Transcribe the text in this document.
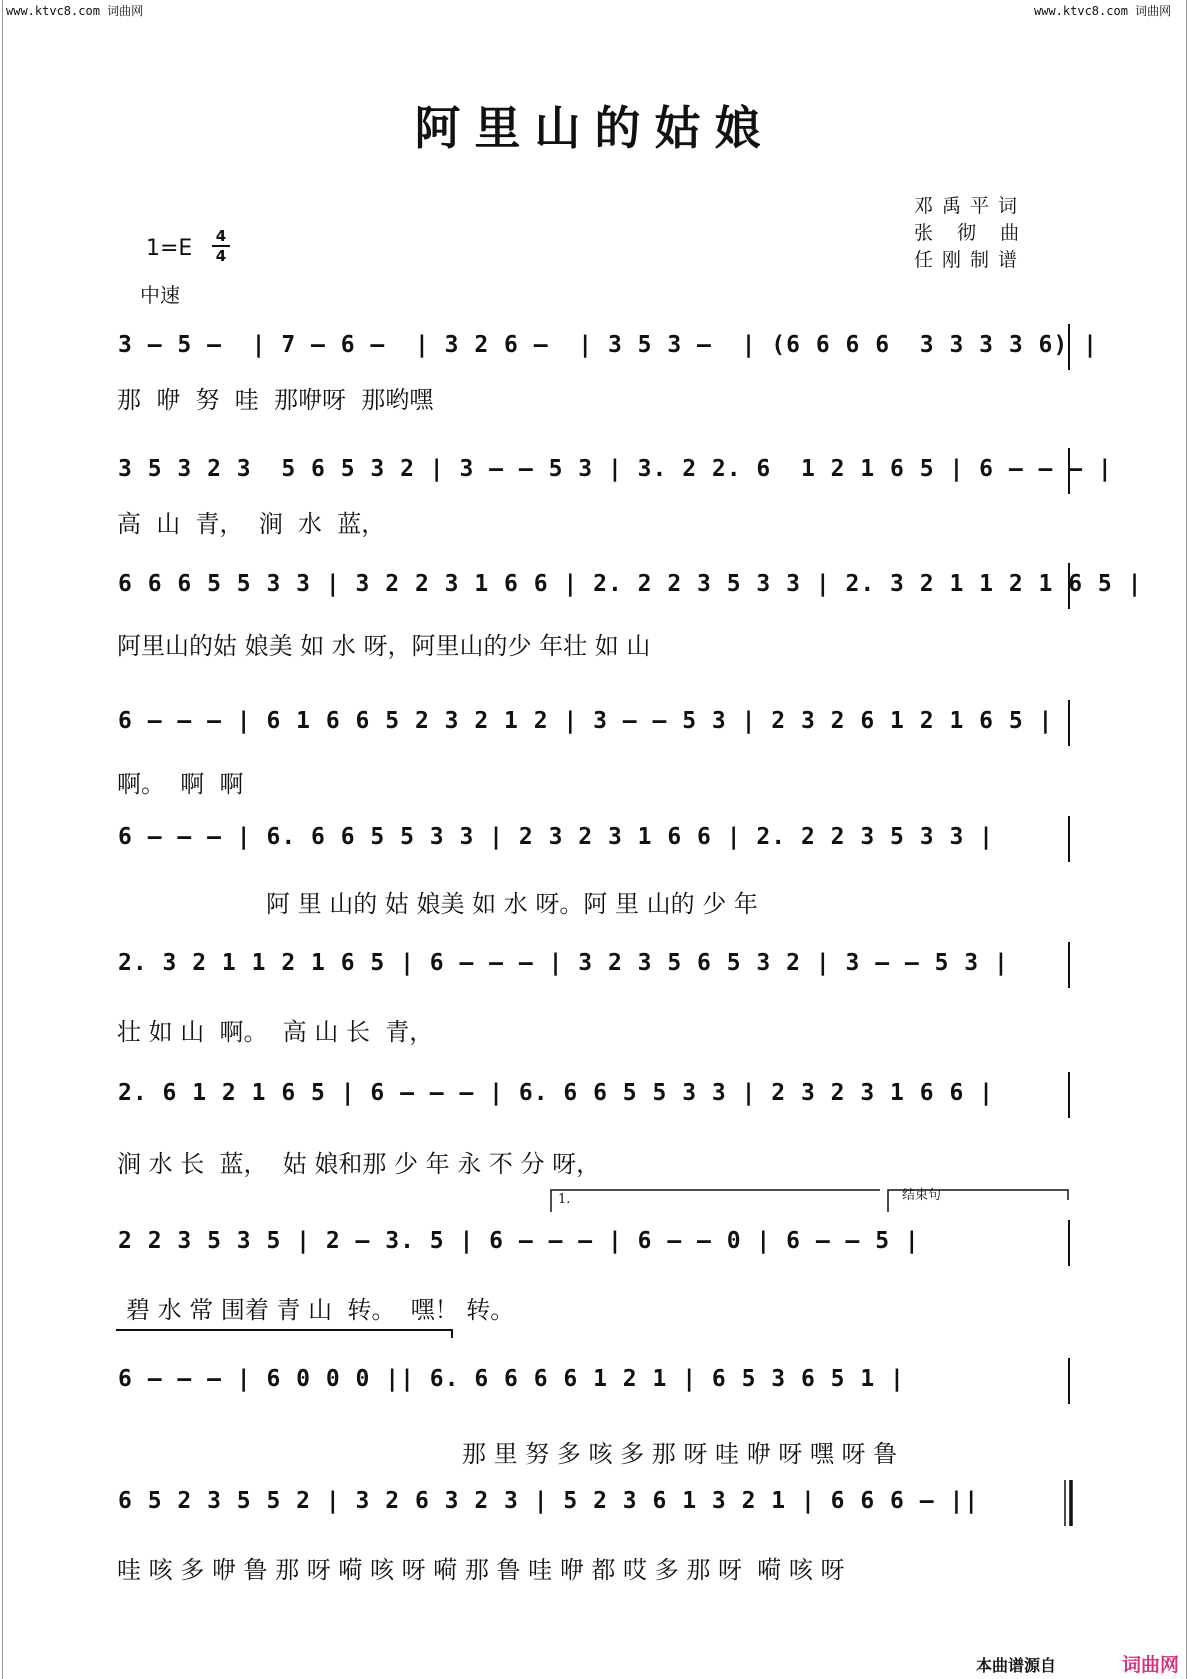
www.ktvc8.com 词曲网	www.ktvc8.com 词曲网
阿里山的姑娘
邓禹平词
张 彻 曲
任刚制谱
1=E 4
4
中速
3 – 5 –  | 7 – 6 –  | 3 2 6 –  | 3 5 3 –  | (6 6 6 6  3 3 3 3 6) |
那  咿  努  哇  那咿呀  那哟嘿
3 5 3 2 3  5 6 5 3 2 | 3 – – 5 3 | 3. 2 2. 6  1 2 1 6 5 | 6 – – – |
高  山  青，  涧  水  蓝，
6 6 6 5 5 3 3 | 3 2 2 3 1 6 6 | 2. 2 2 3 5 3 3 | 2. 3 2 1 1 2 1 6 5 |
阿里山的姑 娘美 如 水 呀，阿里山的少 年壮 如 山
6 – – – | 6 1 6 6 5 2 3 2 1 2 | 3 – – 5 3 | 2 3 2 6 1 2 1 6 5 |
啊。  啊  啊
6 – – – | 6. 6 6 5 5 3 3 | 2 3 2 3 1 6 6 | 2. 2 2 3 5 3 3 |
阿 里 山的 姑 娘美 如 水 呀。阿 里 山的 少 年
2. 3 2 1 1 2 1 6 5 | 6 – – – | 3 2 3 5 6 5 3 2 | 3 – – 5 3 |
壮 如 山  啊。  高 山 长  青，
2. 6 1 2 1 6 5 | 6 – – – | 6. 6 6 5 5 3 3 | 2 3 2 3 1 6 6 |
涧 水 长  蓝，  姑 娘和那 少 年 永 不 分 呀，
1.	结束句
2 2 3 5 3 5 | 2 – 3. 5 | 6 – – – | 6 – – 0 | 6 – – 5 |
碧 水 常 围着 青 山  转。  嘿！ 转。
6 – – – | 6 0 0 0 || 6. 6 6 6 6 1 2 1 | 6 5 3 6 5 1 |
那 里 努 多 咳 多 那 呀 哇 咿 呀 嘿 呀 鲁
6 5 2 3 5 5 2 | 3 2 6 3 2 3 | 5 2 3 6 1 3 2 1 | 6 6 6 – ||
哇 咳 多 咿 鲁 那 呀 嗬 咳 呀 嗬 那 鲁 哇 咿 都 哎 多 那 呀  嗬 咳 呀
本曲谱源自	词曲网
